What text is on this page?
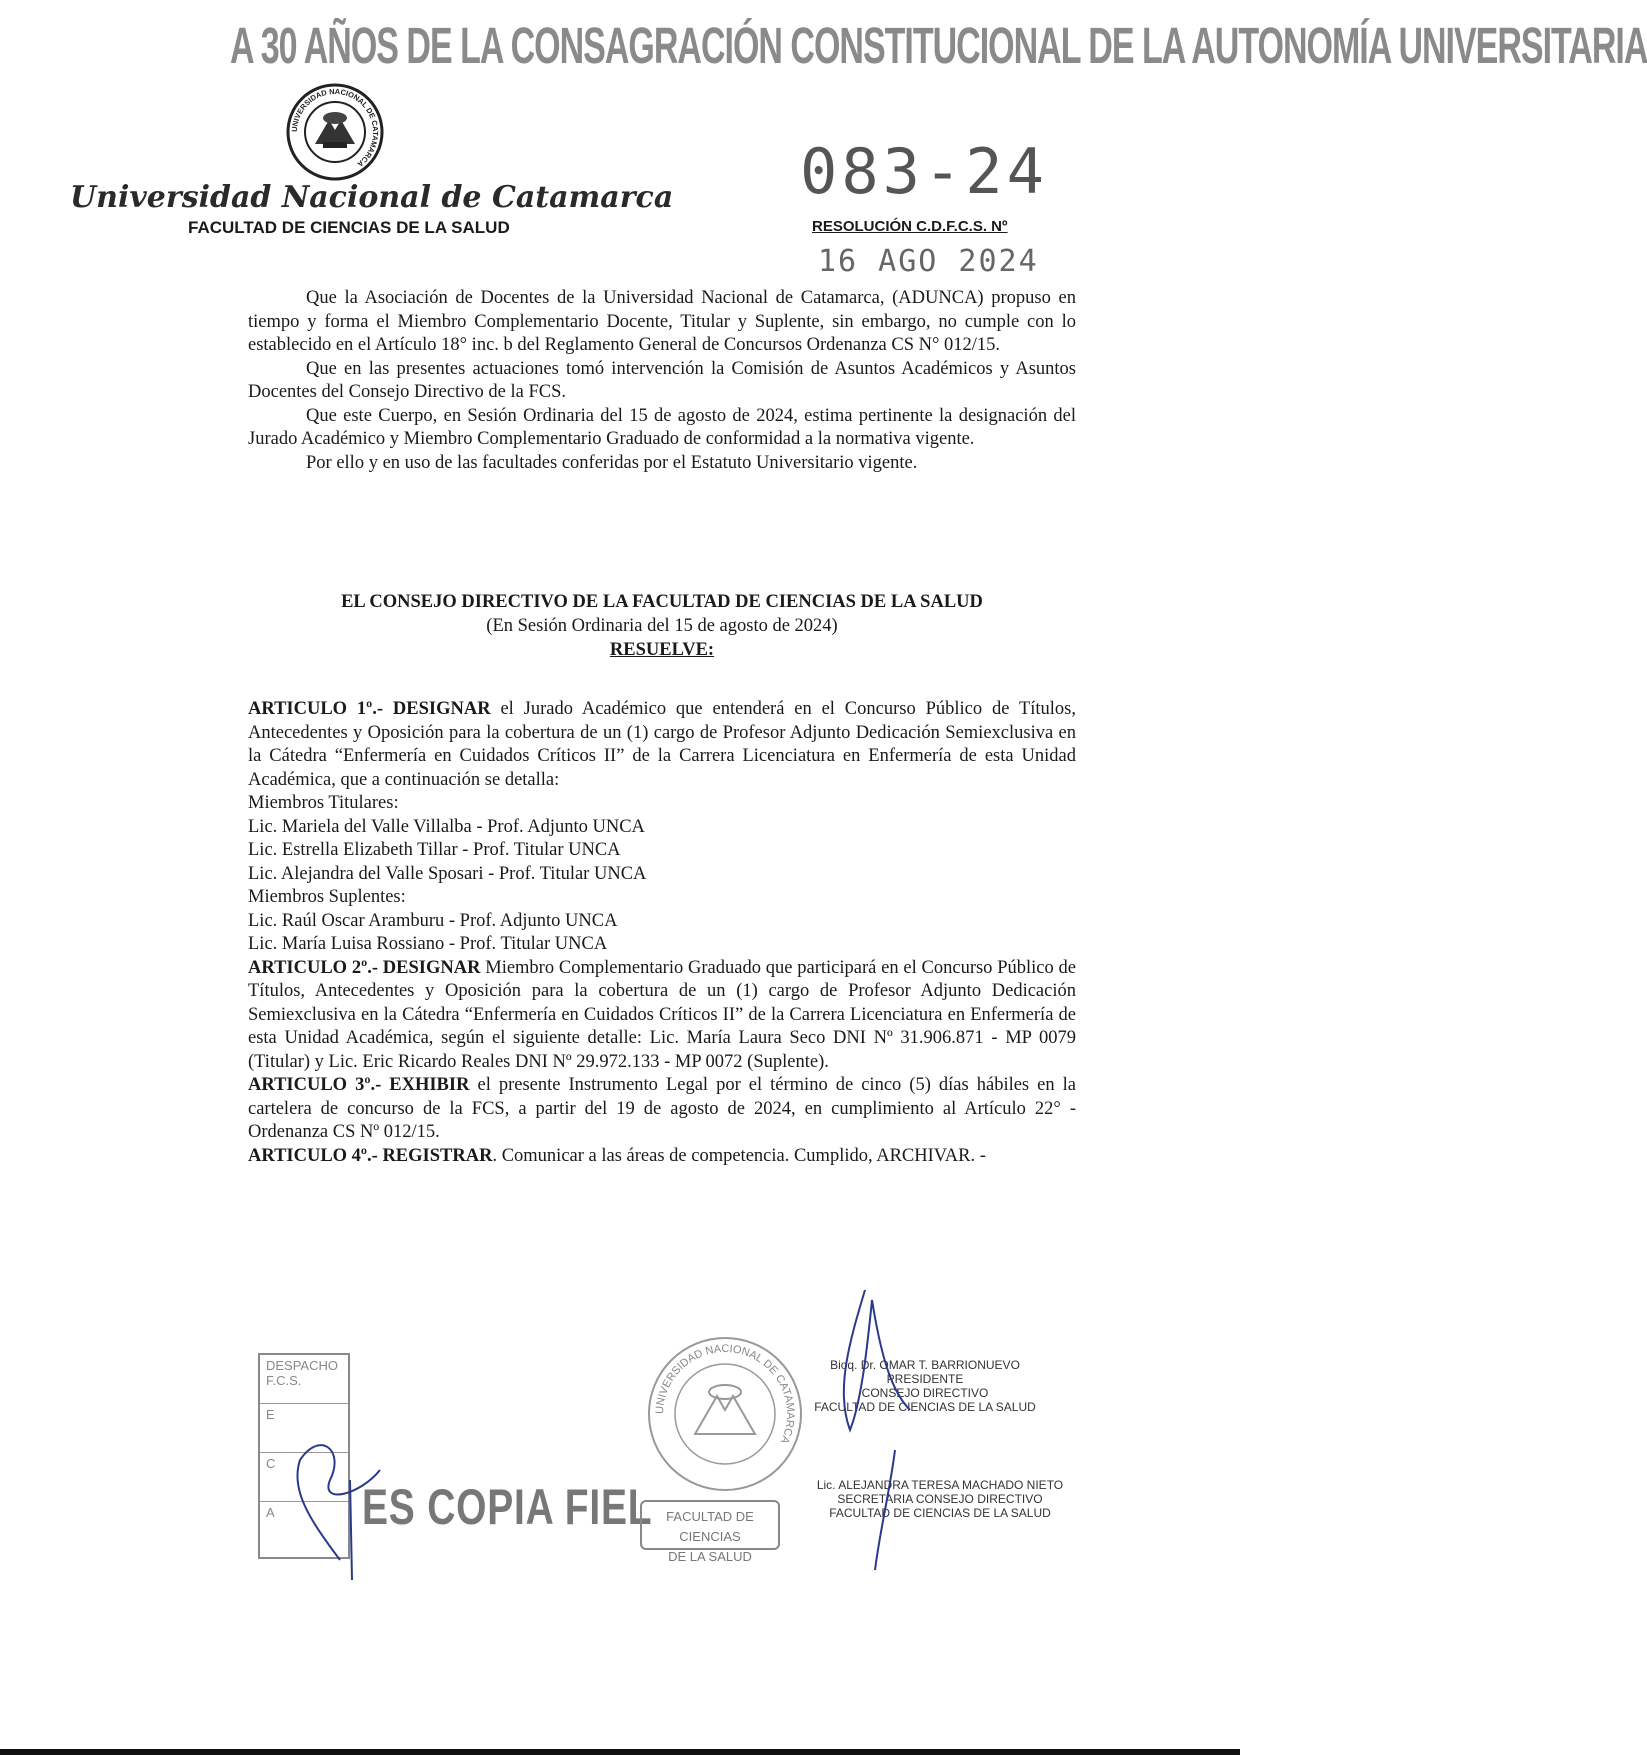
A 30 AÑOS DE LA CONSAGRACIÓN CONSTITUCIONAL DE LA AUTONOMÍA UNIVERSITARIA
UNIVERSIDAD NACIONAL DE CATAMARCA
Universidad Nacional de Catamarca
FACULTAD DE CIENCIAS DE LA SALUD
083-24
RESOLUCIÓN C.D.F.C.S. Nº
16 AGO 2024

Que la Asociación de Docentes de la Universidad Nacional de Catamarca, (ADUNCA) propuso en tiempo y forma el Miembro Complementario Docente, Titular y Suplente, sin embargo, no cumple con lo establecido en el Artículo 18° inc. b del Reglamento General de Concursos Ordenanza CS N° 012/15.

Que en las presentes actuaciones tomó intervención la Comisión de Asuntos Académicos y Asuntos Docentes del Consejo Directivo de la FCS.

Que este Cuerpo, en Sesión Ordinaria del 15 de agosto de 2024, estima pertinente la designación del Jurado Académico y Miembro Complementario Graduado de conformidad a la normativa vigente.

Por ello y en uso de las facultades conferidas por el Estatuto Universitario vigente.

EL CONSEJO DIRECTIVO DE LA FACULTAD DE CIENCIAS DE LA SALUD
(En Sesión Ordinaria del 15 de agosto de 2024)
RESUELVE:

ARTICULO 1º.- DESIGNAR el Jurado Académico que entenderá en el Concurso Público de Títulos, Antecedentes y Oposición para la cobertura de un (1) cargo de Profesor Adjunto Dedicación Semiexclusiva en la Cátedra “Enfermería en Cuidados Críticos II” de la Carrera Licenciatura en Enfermería de esta Unidad Académica, que a continuación se detalla:

Miembros Titulares:

Lic. Mariela del Valle Villalba - Prof. Adjunto UNCA

Lic. Estrella Elizabeth Tillar - Prof. Titular UNCA

Lic. Alejandra del Valle Sposari - Prof. Titular UNCA

Miembros Suplentes:

Lic. Raúl Oscar Aramburu - Prof. Adjunto UNCA

Lic. María Luisa Rossiano - Prof. Titular UNCA

ARTICULO 2º.- DESIGNAR Miembro Complementario Graduado que participará en el Concurso Público de Títulos, Antecedentes y Oposición para la cobertura de un (1) cargo de Profesor Adjunto Dedicación Semiexclusiva en la Cátedra “Enfermería en Cuidados Críticos II” de la Carrera Licenciatura en Enfermería de esta Unidad Académica, según el siguiente detalle: Lic. María Laura Seco DNI Nº 31.906.871 - MP 0079 (Titular) y Lic. Eric Ricardo Reales DNI Nº 29.972.133 - MP 0072 (Suplente).

ARTICULO 3º.- EXHIBIR el presente Instrumento Legal por el término de cinco (5) días hábiles en la cartelera de concurso de la FCS, a partir del 19 de agosto de 2024, en cumplimiento al Artículo 22° - Ordenanza CS Nº 012/15.

ARTICULO 4º.- REGISTRAR. Comunicar a las áreas de competencia. Cumplido, ARCHIVAR. -

DESPACHO
F.C.S.
E
C
A	ES COPIA FIEL
UNIVERSIDAD NACIONAL DE CATAMARCA
FACULTAD DE CIENCIAS
DE LA SALUD
Bioq. Dr. OMAR T. BARRIONUEVO
PRESIDENTE
CONSEJO DIRECTIVO
FACULTAD DE CIENCIAS DE LA SALUD
Lic. ALEJANDRA TERESA MACHADO NIETO
SECRETARIA CONSEJO DIRECTIVO
FACULTAD DE CIENCIAS DE LA SALUD
